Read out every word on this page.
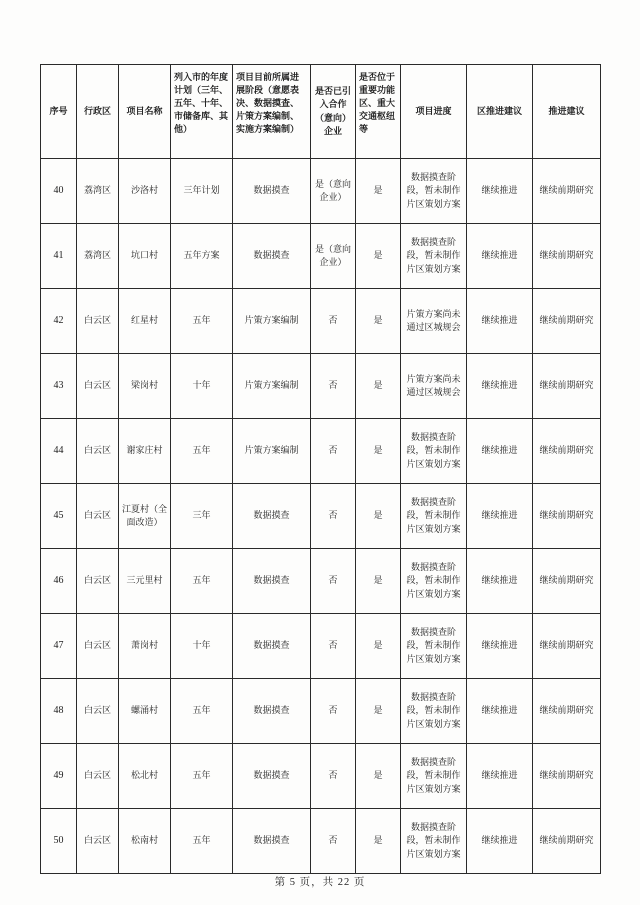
序号	行政区	项目名称	列入市的年度计划（三年、五年、十年、市储备库、其他）	项目目前所属进展阶段（意愿表决、数据摸查、片策方案编制、实施方案编制）	是否已引入合作（意向）企业	是否位于重要功能区、重大交通枢纽等	项目进度	区推进建议	推进建议
40	荔湾区	沙洛村	三年计划	数据摸查	是（意向企业）	是	数据摸查阶段，暂未制作片区策划方案	继续推进	继续前期研究
41	荔湾区	坑口村	五年方案	数据摸查	是（意向企业）	是	数据摸查阶段，暂未制作片区策划方案	继续推进	继续前期研究
42	白云区	红星村	五年	片策方案编制	否	是	片策方案尚未通过区城规会	继续推进	继续前期研究
43	白云区	梁岗村	十年	片策方案编制	否	是	片策方案尚未通过区城规会	继续推进	继续前期研究
44	白云区	谢家庄村	五年	片策方案编制	否	是	数据摸查阶段，暂未制作片区策划方案	继续推进	继续前期研究
45	白云区	江夏村（全面改造）	三年	数据摸查	否	是	数据摸查阶段，暂未制作片区策划方案	继续推进	继续前期研究
46	白云区	三元里村	五年	数据摸查	否	是	数据摸查阶段，暂未制作片区策划方案	继续推进	继续前期研究
47	白云区	萧岗村	十年	数据摸查	否	是	数据摸查阶段，暂未制作片区策划方案	继续推进	继续前期研究
48	白云区	螺涌村	五年	数据摸查	否	是	数据摸查阶段，暂未制作片区策划方案	继续推进	继续前期研究
49	白云区	松北村	五年	数据摸查	否	是	数据摸查阶段，暂未制作片区策划方案	继续推进	继续前期研究
50	白云区	松南村	五年	数据摸查	否	是	数据摸查阶段，暂未制作片区策划方案	继续推进	继续前期研究
第 5 页，共 22 页
